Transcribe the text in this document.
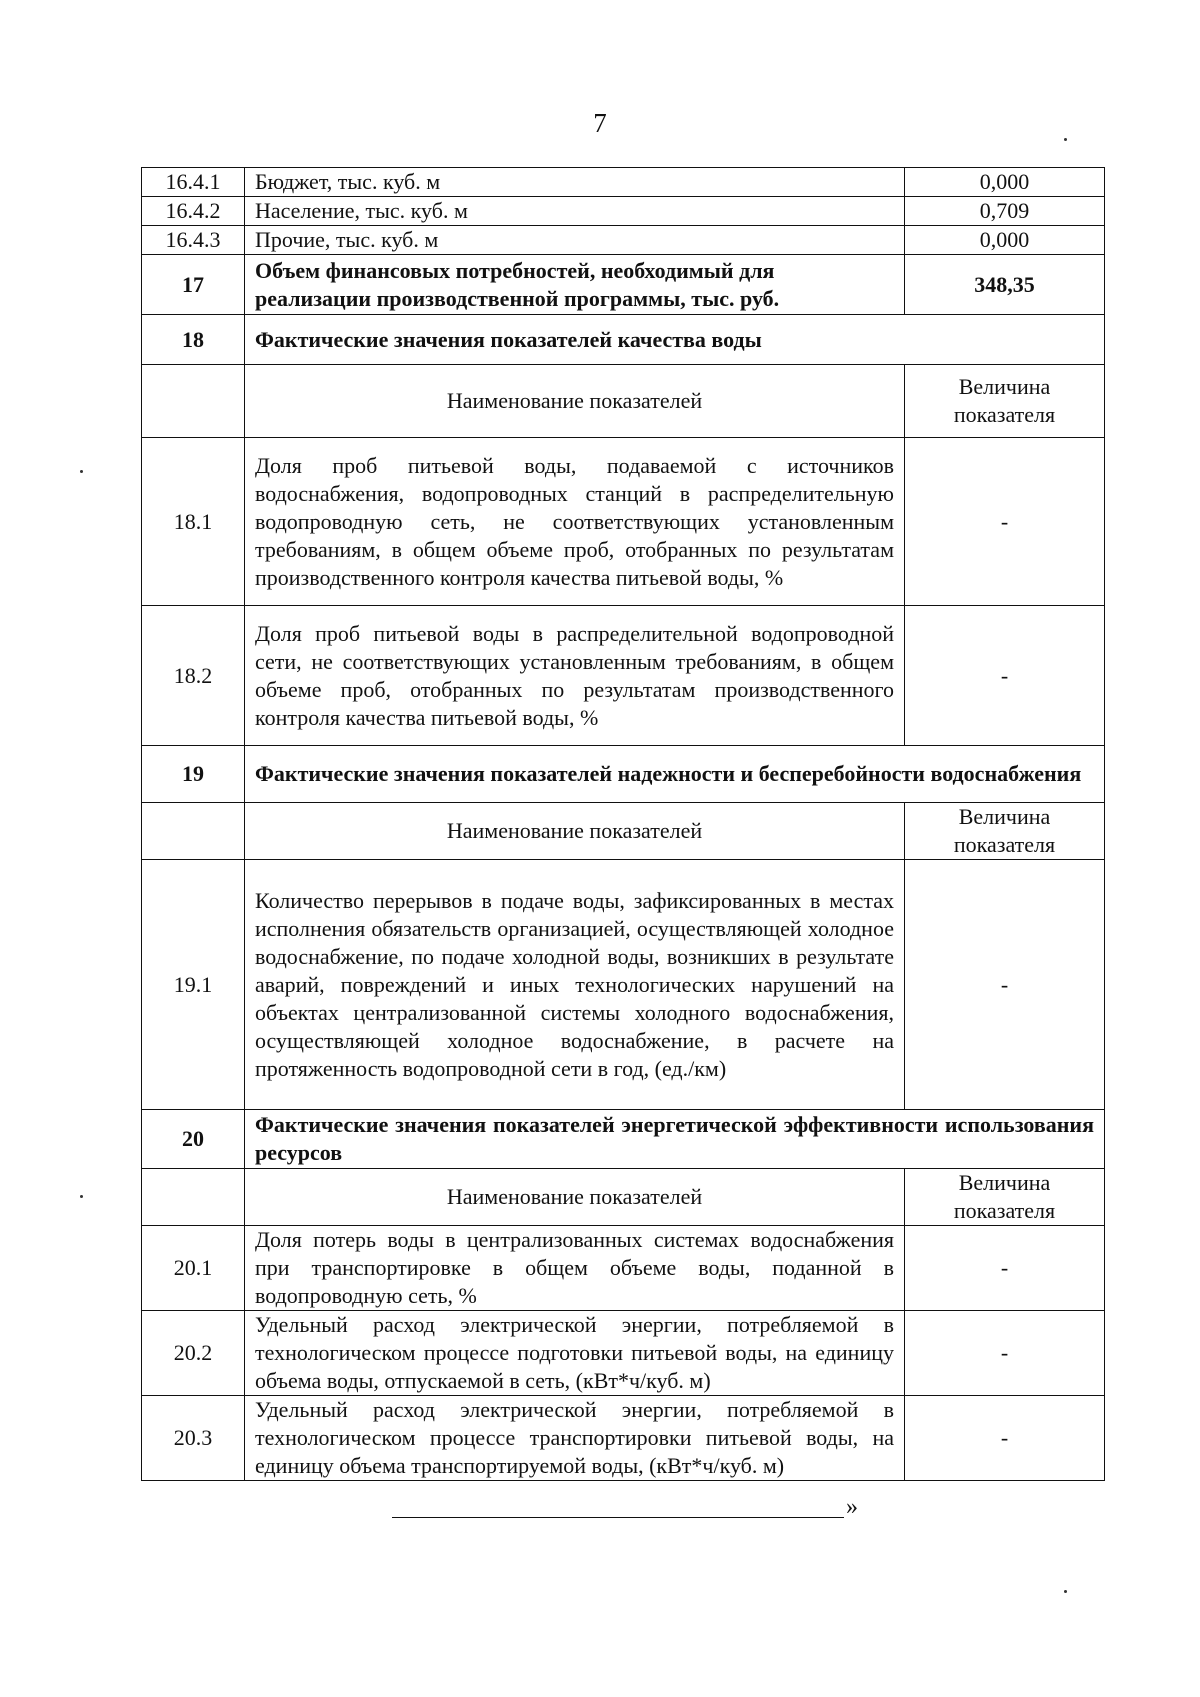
7
16.4.1	Бюджет, тыс. куб. м	0,000
16.4.2	Население, тыс. куб. м	0,709
16.4.3	Прочие, тыс. куб. м	0,000
17	Объем финансовых потребностей, необходимый для реализации производственной программы, тыс. руб.	348,35
18	Фактические значения показателей качества воды	
	Наименование показателей	Величина показателя
18.1	Доля проб питьевой воды, подаваемой с источников водоснабжения, водопроводных станций в распределительную водопроводную сеть, не соответствующих установленным требованиям, в общем объеме проб, отобранных по результатам производственного контроля качества питьевой воды, %	-
18.2	Доля проб питьевой воды в распределительной водопроводной сети, не соответствующих установленным требованиям, в общем объеме проб, отобранных по результатам производственного контроля качества питьевой воды, %	-
19	Фактические значения показателей надежности и бесперебойности водоснабжения	
	Наименование показателей	Величина показателя
19.1	Количество перерывов в подаче воды, зафиксированных в местах исполнения обязательств организацией, осуществляющей холодное водоснабжение, по подаче холодной воды, возникших в результате аварий, повреждений и иных технологических нарушений на объектах централизованной системы холодного водоснабжения, осуществляющей холодное водоснабжение, в расчете на протяженность водопроводной сети в год, (ед./км)	-
20	Фактические значения показателей энергетической эффективности использования ресурсов	
	Наименование показателей	Величина показателя
20.1	Доля потерь воды в централизованных системах водоснабжения при транспортировке в общем объеме воды, поданной в водопроводную сеть, %	-
20.2	Удельный расход электрической энергии, потребляемой в технологическом процессе подготовки питьевой воды, на единицу объема воды, отпускаемой в сеть, (кВт*ч/куб. м)	-
20.3	Удельный расход электрической энергии, потребляемой в технологическом процессе транспортировки питьевой воды, на единицу объема транспортируемой воды, (кВт*ч/куб. м)	-
»
